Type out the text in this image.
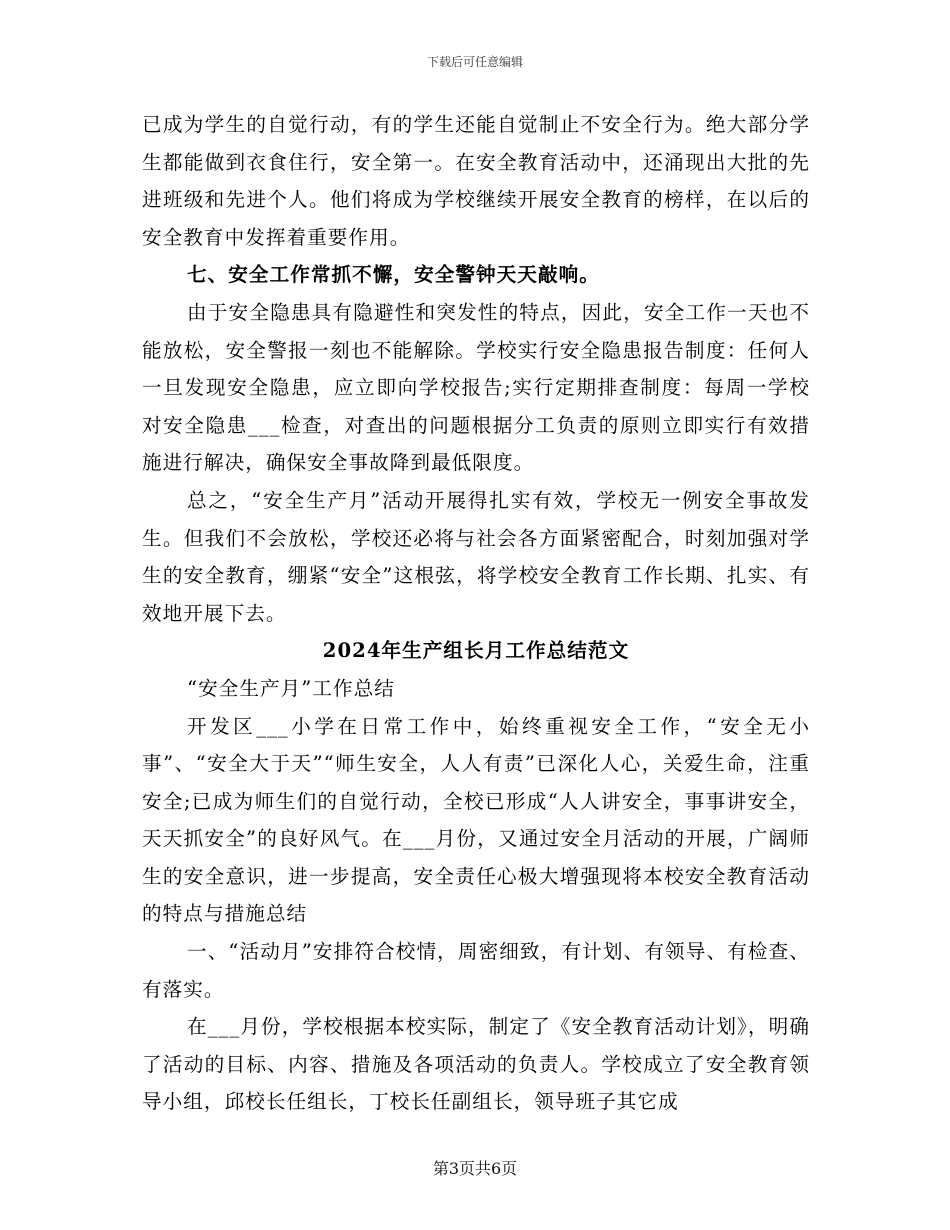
下载后可任意编辑

已成为学生的自觉行动，有的学生还能自觉制止不安全行为。绝大部分学生都能做到衣食住行，安全第一。在安全教育活动中，还涌现出大批的先进班级和先进个人。他们将成为学校继续开展安全教育的榜样，在以后的安全教育中发挥着重要作用。

七、安全工作常抓不懈，安全警钟天天敲响。

由于安全隐患具有隐避性和突发性的特点，因此，安全工作一天也不能放松，安全警报一刻也不能解除。学校实行安全隐患报告制度：任何人一旦发现安全隐患，应立即向学校报告;实行定期排查制度：每周一学校对安全隐患___检查，对查出的问题根据分工负责的原则立即实行有效措施进行解决，确保安全事故降到最低限度。

总之，“安全生产月”活动开展得扎实有效，学校无一例安全事故发生。但我们不会放松，学校还必将与社会各方面紧密配合，时刻加强对学生的安全教育，绷紧“安全”这根弦，将学校安全教育工作长期、扎实、有效地开展下去。

2024年生产组长月工作总结范文

“安全生产月”工作总结

开发区___小学在日常工作中，始终重视安全工作，“安全无小事”、“安全大于天”“师生安全，人人有责”已深化人心，关爱生命，注重安全;已成为师生们的自觉行动，全校已形成“人人讲安全，事事讲安全，天天抓安全”的良好风气。在___月份，又通过安全月活动的开展，广阔师生的安全意识，进一步提高，安全责任心极大增强现将本校安全教育活动的特点与措施总结

一、“活动月”安排符合校情，周密细致，有计划、有领导、有检查、有落实。

在___月份，学校根据本校实际，制定了《安全教育活动计划》，明确了活动的目标、内容、措施及各项活动的负责人。学校成立了安全教育领导小组，邱校长任组长，丁校长任副组长，领导班子其它成

第3页共6页
